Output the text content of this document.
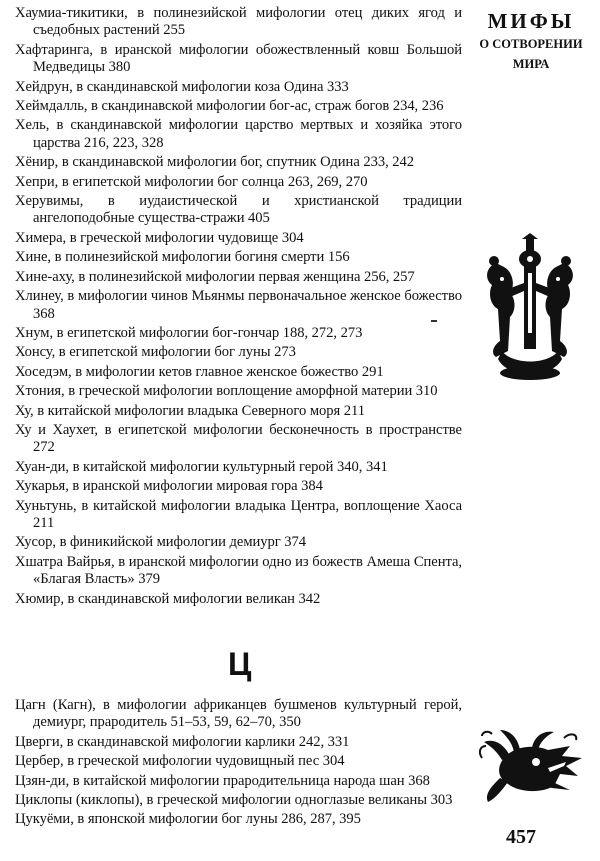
Хаумиа-тикитики, в полинезийской мифологии отец диких ягод и съедобных растений 255

Хафтаринга, в иранской мифологии обожествленный ковш Большой Медведицы 380

Хейдрун, в скандинавской мифологии коза Одина 333

Хеймдалль, в скандинавской мифологии бог-ас, страж богов 234, 236

Хель, в скандинавской мифологии царство мертвых и хозяйка этого царства 216, 223, 328

Хёнир, в скандинавской мифологии бог, спутник Одина 233, 242

Хепри, в египетской мифологии бог солнца 263, 269, 270

Херувимы, в иудаистической и христианской традиции ангелоподобные существа-стражи 405

Химера, в греческой мифологии чудовище 304

Хине, в полинезийской мифологии богиня смерти 156

Хине-аху, в полинезийской мифологии первая женщина 256, 257

Хлинеу, в мифологии чинов Мьянмы первоначальное женское божество 368

Хнум, в египетской мифологии бог-гончар 188, 272, 273

Хонсу, в египетской мифологии бог луны 273

Хоседэм, в мифологии кетов главное женское божество 291

Хтония, в греческой мифологии воплощение аморфной материи 310

Ху, в китайской мифологии владыка Северного моря 211

Ху и Хаухет, в египетской мифологии бесконечность в пространстве 272

Хуан-ди, в китайской мифологии культурный герой 340, 341

Хукарья, в иранской мифологии мировая гора 384

Хуньтунь, в китайской мифологии владыка Центра, воплощение Хаоса 211

Хусор, в финикийской мифологии демиург 374

Хшатра Вайрья, в иранской мифологии одно из божеств Амеша Спента, «Благая Власть» 379

Хюмир, в скандинавской мифологии великан 342

МИФЫ
О СОТВОРЕНИИ
МИРА
Ц

Цагн (Кагн), в мифологии африканцев бушменов культурный герой, демиург, прародитель 51–53, 59, 62–70, 350

Цверги, в скандинавской мифологии карлики 242, 331

Цербер, в греческой мифологии чудовищный пес 304

Цзян-ди, в китайской мифологии прародительница народа шан 368

Циклопы (киклопы), в греческой мифологии одноглазые великаны 303

Цукуёми, в японской мифологии бог луны 286, 287, 395

457
